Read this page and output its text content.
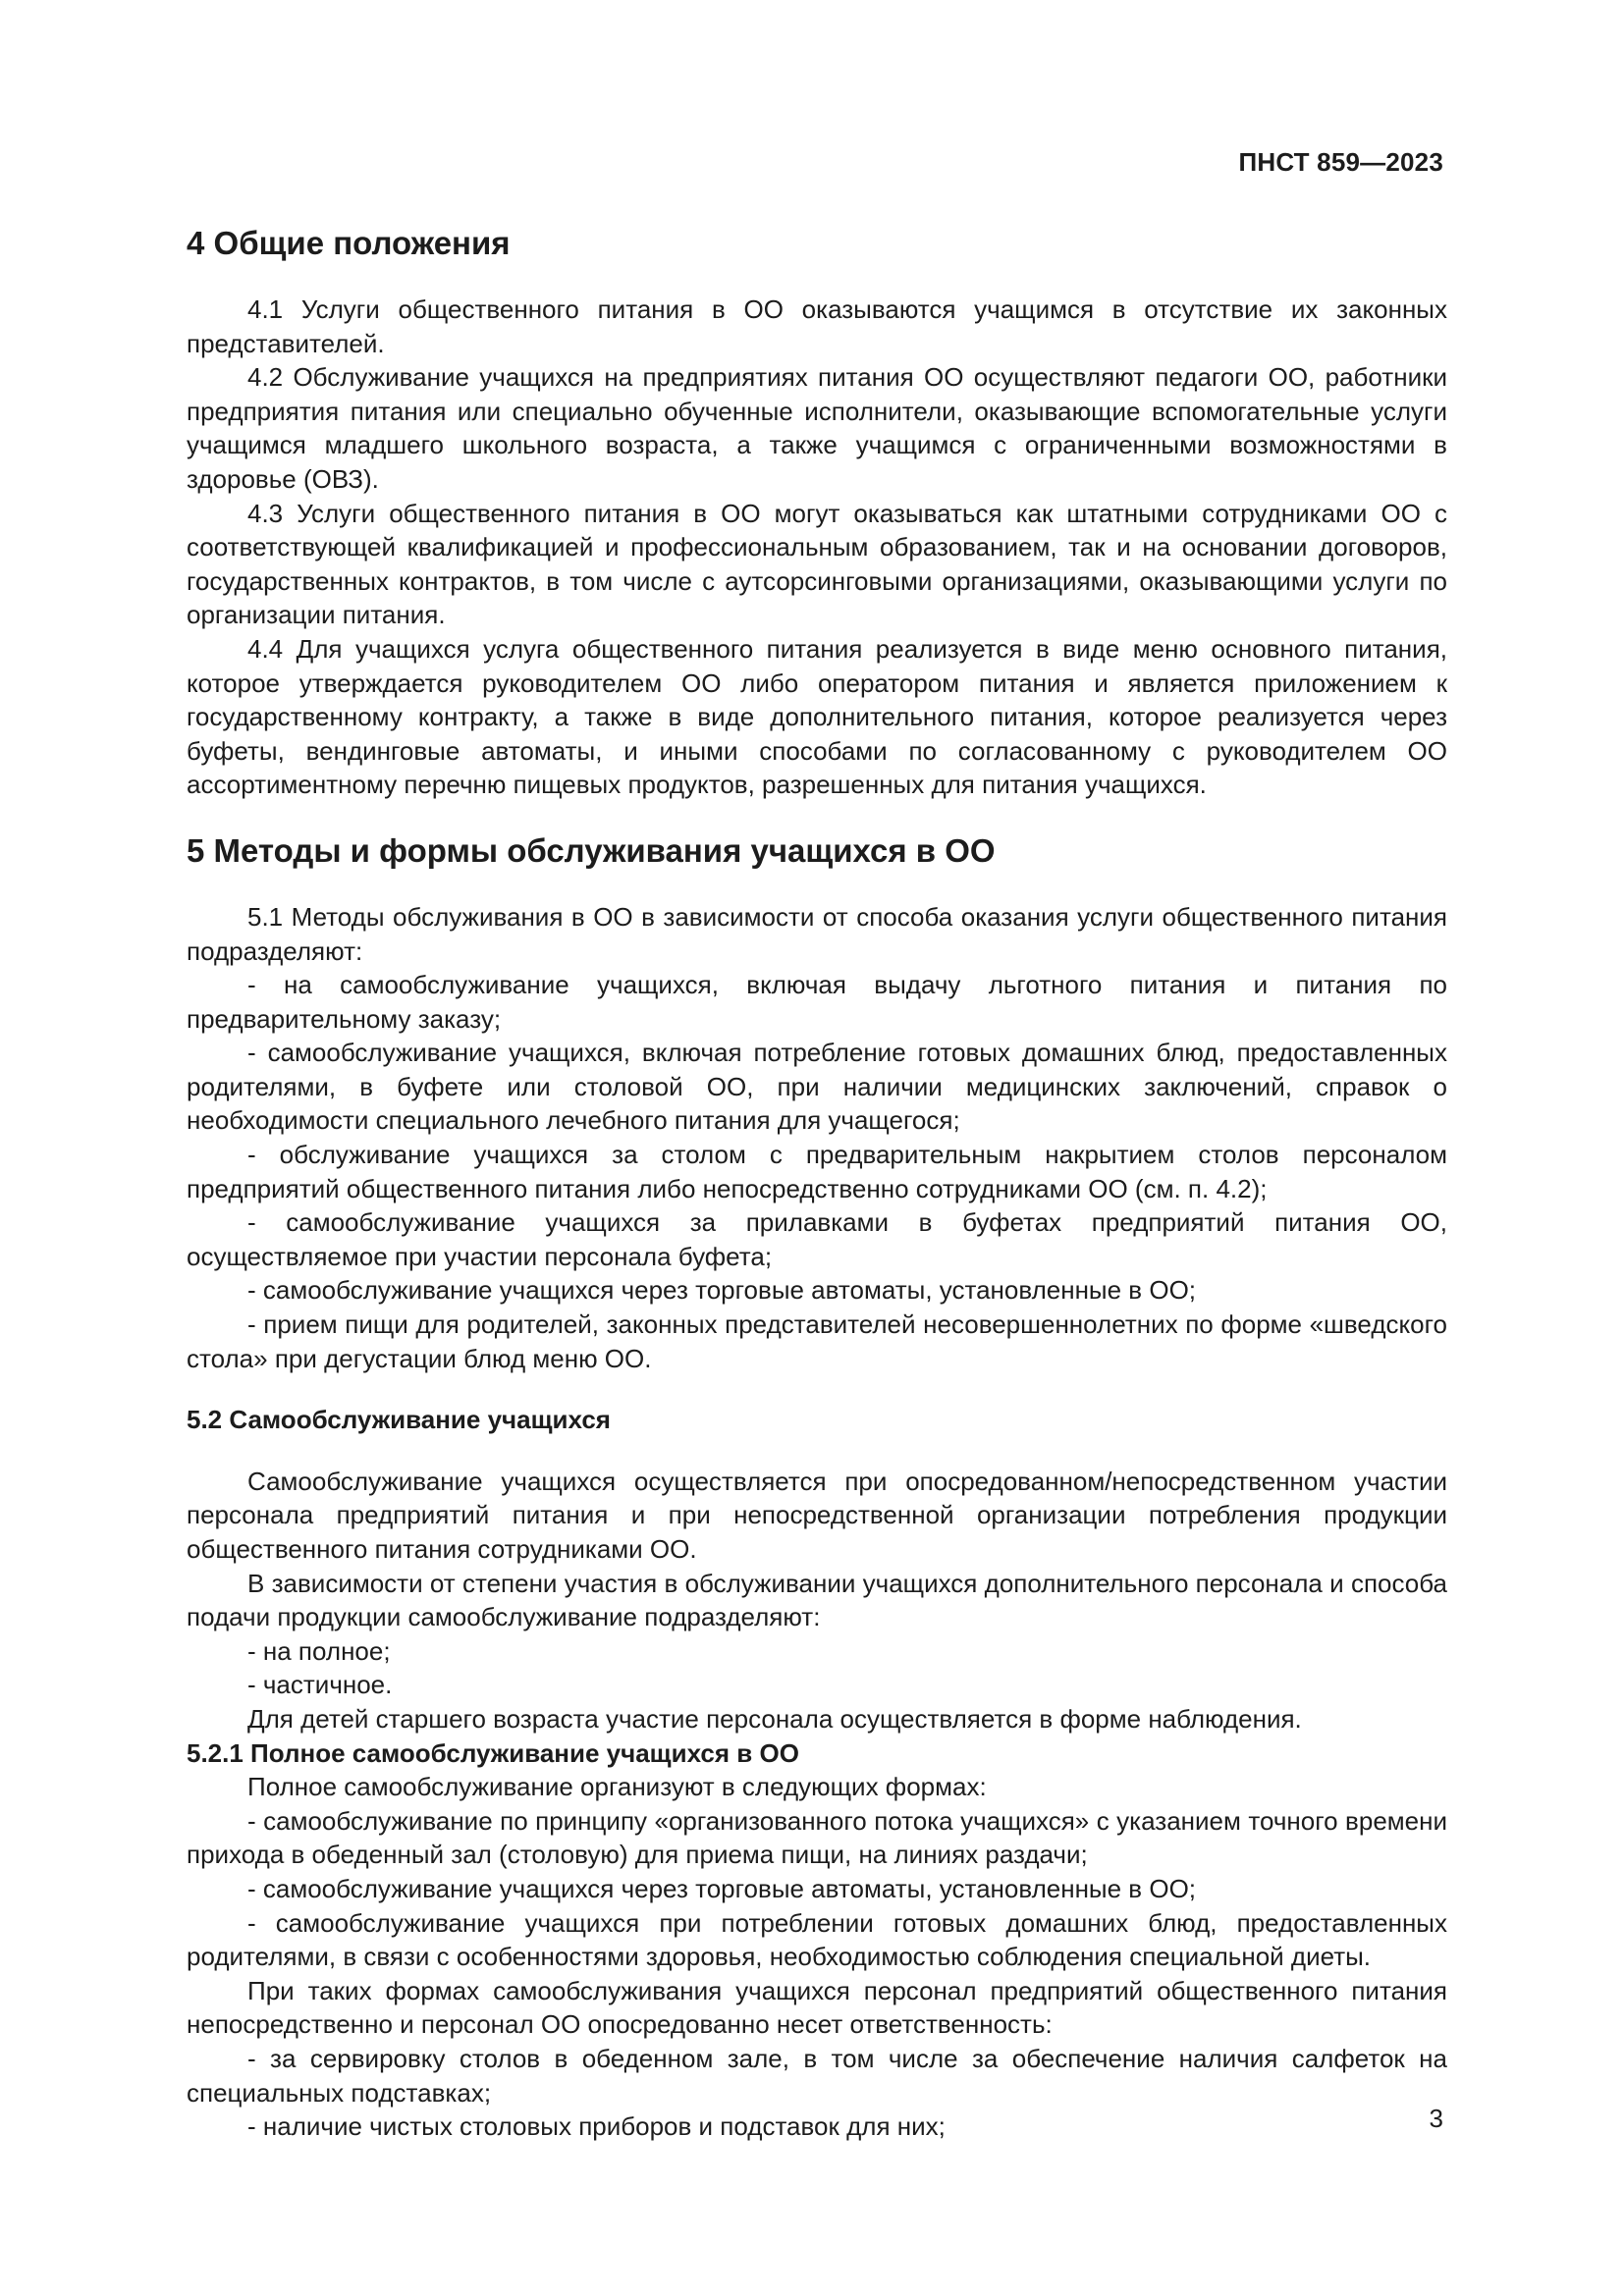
ПНСТ 859—2023
4 Общие положения

4.1 Услуги общественного питания в ОО оказываются учащимся в отсутствие их законных представителей.

4.2 Обслуживание учащихся на предприятиях питания ОО осуществляют педагоги ОО, работники предприятия питания или специально обученные исполнители, оказывающие вспомогательные услуги учащимся младшего школьного возраста, а также учащимся с ограниченными возможностями в здоровье (ОВЗ).

4.3 Услуги общественного питания в ОО могут оказываться как штатными сотрудниками ОО с соответствующей квалификацией и профессиональным образованием, так и на основании договоров, государственных контрактов, в том числе с аутсорсинговыми организациями, оказывающими услуги по организации питания.

4.4 Для учащихся услуга общественного питания реализуется в виде меню основного питания, которое утверждается руководителем ОО либо оператором питания и является приложением к государственному контракту, а также в виде дополнительного питания, которое реализуется через буфеты, вендинговые автоматы, и иными способами по согласованному с руководителем ОО ассортиментному перечню пищевых продуктов, разрешенных для питания учащихся.

5 Методы и формы обслуживания учащихся в ОО

5.1 Методы обслуживания в ОО в зависимости от способа оказания услуги общественного питания подразделяют:

- на самообслуживание учащихся, включая выдачу льготного питания и питания по предварительному заказу;

- самообслуживание учащихся, включая потребление готовых домашних блюд, предоставленных родителями, в буфете или столовой ОО, при наличии медицинских заключений, справок о необходимости специального лечебного питания для учащегося;

- обслуживание учащихся за столом с предварительным накрытием столов персоналом предприятий общественного питания либо непосредственно сотрудниками ОО (см. п. 4.2);

- самообслуживание учащихся за прилавками в буфетах предприятий питания ОО, осуществляемое при участии персонала буфета;

- самообслуживание учащихся через торговые автоматы, установленные в ОО;

- прием пищи для родителей, законных представителей несовершеннолетних по форме «шведского стола» при дегустации блюд меню ОО.

5.2 Самообслуживание учащихся

Самообслуживание учащихся осуществляется при опосредованном/непосредственном участии персонала предприятий питания и при непосредственной организации потребления продукции общественного питания сотрудниками ОО.

В зависимости от степени участия в обслуживании учащихся дополнительного персонала и способа подачи продукции самообслуживание подразделяют:

- на полное;

- частичное.

Для детей старшего возраста участие персонала осуществляется в форме наблюдения.

5.2.1 Полное самообслуживание учащихся в ОО

Полное самообслуживание организуют в следующих формах:

- самообслуживание по принципу «организованного потока учащихся» с указанием точного времени прихода в обеденный зал (столовую) для приема пищи, на линиях раздачи;

- самообслуживание учащихся через торговые автоматы, установленные в ОО;

- самообслуживание учащихся при потреблении готовых домашних блюд, предоставленных родителями, в связи с особенностями здоровья, необходимостью соблюдения специальной диеты.

При таких формах самообслуживания учащихся персонал предприятий общественного питания непосредственно и персонал ОО опосредованно несет ответственность:

- за сервировку столов в обеденном зале, в том числе за обеспечение наличия салфеток на специальных подставках;

- наличие чистых столовых приборов и подставок для них;	3
